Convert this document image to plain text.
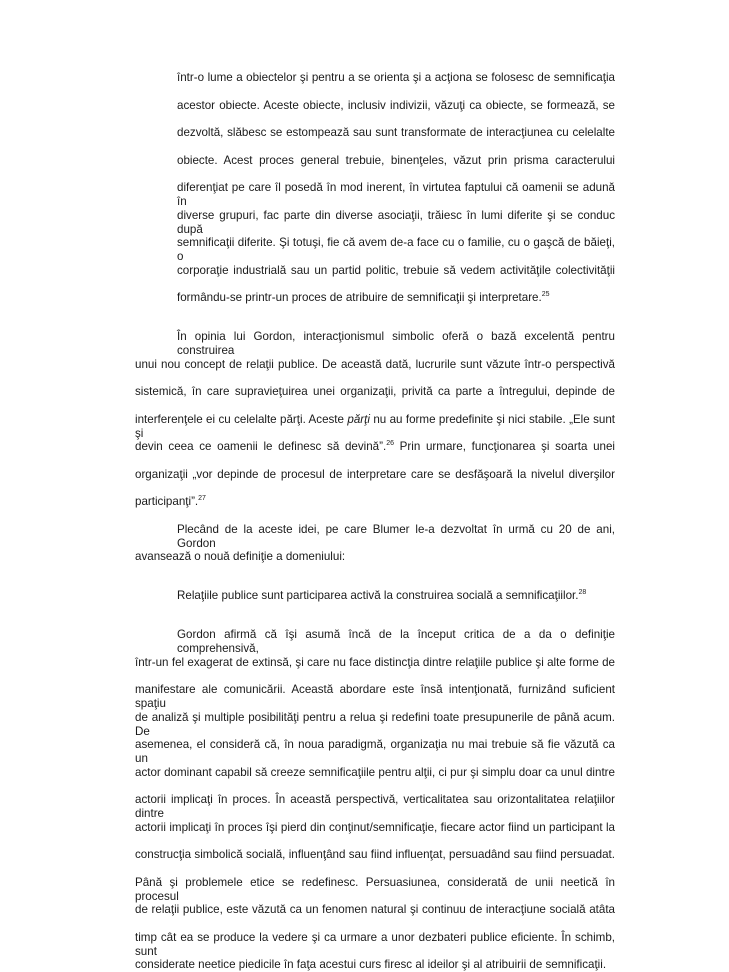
într-o lume a obiectelor şi pentru a se orienta şi a acţiona se folosesc de semnificaţia
acestor obiecte. Aceste obiecte, inclusiv indivizii, văzuţi ca obiecte, se formează, se
dezvoltă, slăbesc se estompează sau sunt transformate de interacţiunea cu celelalte
obiecte. Acest proces general trebuie, binenţeles, văzut prin prisma caracterului
diferenţiat pe care îl posedă în mod inerent, în virtutea faptului că oamenii se adună în
diverse grupuri, fac parte din diverse asociaţii, trăiesc în lumi diferite şi se conduc după
semnificaţii diferite. Şi totuşi, fie că avem de-a face cu o familie, cu o gaşcă de băieţi, o
corporaţie industrială sau un partid politic, trebuie să vedem activităţile colectivităţii
formându-se printr-un proces de atribuire de semnificaţii şi interpretare.$^{25}$
În opinia lui Gordon, interacţionismul simbolic oferă o bază excelentă pentru construirea
unui nou concept de relaţii publice. De această dată, lucrurile sunt văzute într-o perspectivă
sistemică, în care supravieţuirea unei organizaţii, privită ca parte a întregului, depinde de
interferenţele ei cu celelalte părţi. Aceste părţi nu au forme predefinite şi nici stabile. „Ele sunt şi
devin ceea ce oamenii le definesc să devină”.$^{26}$ Prin urmare, funcţionarea şi soarta unei
organizaţii „vor depinde de procesul de interpretare care se desfăşoară la nivelul diverşilor
participanţi”.$^{27}$
Plecând de la aceste idei, pe care Blumer le-a dezvoltat în urmă cu 20 de ani, Gordon
avansează o nouă definiţie a domeniului:
Relaţiile publice sunt participarea activă la construirea socială a semnificaţiilor.$^{28}$
Gordon afirmă că îşi asumă încă de la început critica de a da o definiţie comprehensivă,
într-un fel exagerat de extinsă, şi care nu face distincţia dintre relaţiile publice şi alte forme de
manifestare ale comunicării. Această abordare este însă intenţionată, furnizând suficient spaţiu
de analiză şi multiple posibilităţi pentru a relua şi redefini toate presupunerile de până acum. De
asemenea, el consideră că, în noua paradigmă, organizaţia nu mai trebuie să fie văzută ca un
actor dominant capabil să creeze semnificaţiile pentru alţii, ci pur şi simplu doar ca unul dintre
actorii implicaţi în proces. În această perspectivă, verticalitatea sau orizontalitatea relaţiilor dintre
actorii implicaţi în proces îşi pierd din conţinut/semnificaţie, fiecare actor fiind un participant la
construcţia simbolică socială, influenţând sau fiind influenţat, persuadând sau fiind persuadat.
Până şi problemele etice se redefinesc. Persuasiunea, considerată de unii neetică în procesul
de relaţii publice, este văzută ca un fenomen natural şi continuu de interacţiune socială atâta
timp cât ea se produce la vedere şi ca urmare a unor dezbateri publice eficiente. În schimb, sunt
considerate neetice piedicile în faţa acestui curs firesc al ideilor şi al atribuirii de semnificaţii.
